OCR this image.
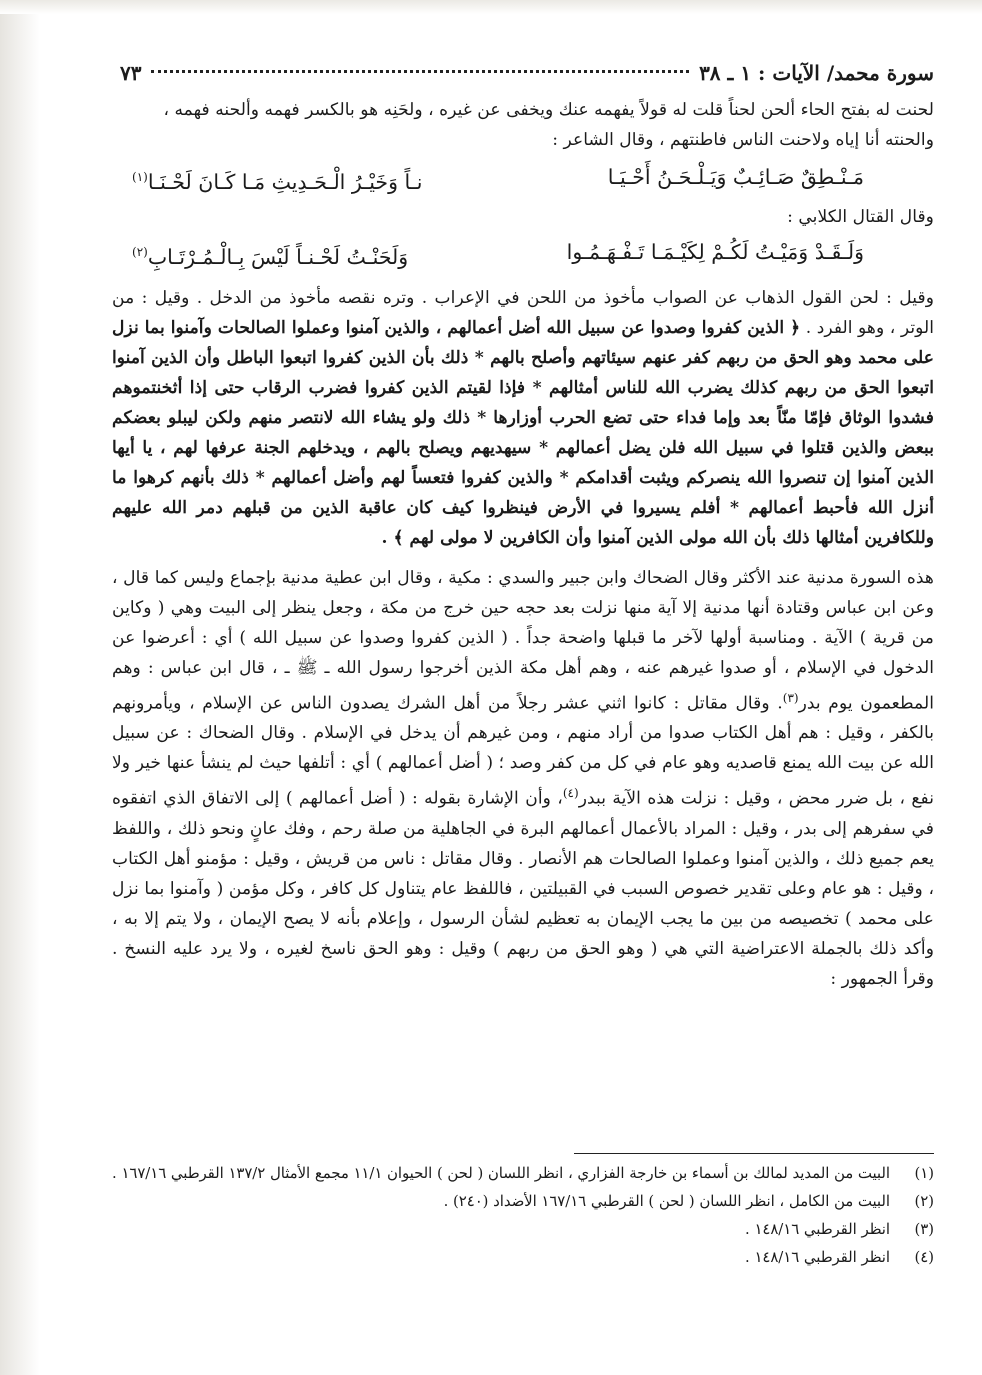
سورة محمد/ الآيات : ١ ـ ٣٨
٧٣

لحنت له بفتح الحاء ألحن لحناً قلت له قولاً يفهمه عنك ويخفى عن غيره ، ولحَنِه هو بالكسر فهمه وألحنه فهمه ،

والحنته أنا إياه ولاحنت الناس فاطنتهم ، وقال الشاعر :

مَـنْـطِقٌ صَـائِـبٌ وَيَـلْـحَـنُ أَحْـيَـا
نـاً وَخَيْـرُ الْـحَـدِيثِ مَـا كَـانَ لَحْـنَـا$^{(١)}$

وقال القتال الكلابي :

وَلَـقَـدْ وَمَيْـتُ لَكُـمْ لِكَيْـمَـا تَـفْـهَـمُـوا
وَلَحَنْـتُ لَحْـنـاً لَيْسَ بِـالْـمُـرْتَـابِ$^{(٢)}$

وقيل : لحن القول الذهاب عن الصواب مأخوذ من اللحن في الإعراب . وتره نقصه مأخوذ من الدخل . وقيل : من الوتر ، وهو الفرد . ﴿ الذين كفروا وصدوا عن سبيل الله أضل أعمالهم ، والذين آمنوا وعملوا الصالحات وآمنوا بما نزل على محمد وهو الحق من ربهم كفر عنهم سيئاتهم وأصلح بالهم * ذلك بأن الذين كفروا اتبعوا الباطل وأن الذين آمنوا اتبعوا الحق من ربهم كذلك يضرب الله للناس أمثالهم * فإذا لقيتم الذين كفروا فضرب الرقاب حتى إذا أثخنتموهم فشدوا الوثاق فإمّا منّاً بعد وإما فداء حتى تضع الحرب أوزارها * ذلك ولو يشاء الله لانتصر منهم ولكن ليبلو بعضكم ببعض والذين قتلوا في سبيل الله فلن يضل أعمالهم * سيهديهم ويصلح بالهم ، ويدخلهم الجنة عرفها لهم ، يا أيها الذين آمنوا إن تنصروا الله ينصركم ويثبت أقدامكم * والذين كفروا فتعساً لهم وأضل أعمالهم * ذلك بأنهم كرهوا ما أنزل الله فأحبط أعمالهم * أفلم يسيروا في الأرض فينظروا كيف كان عاقبة الذين من قبلهم دمر الله عليهم وللكافرين أمثالها ذلك بأن الله مولى الذين آمنوا وأن الكافرين لا مولى لهم ﴾ .

هذه السورة مدنية عند الأكثر وقال الضحاك وابن جبير والسدي : مكية ، وقال ابن عطية مدنية بإجماع وليس كما قال ، وعن ابن عباس وقتادة أنها مدنية إلا آية منها نزلت بعد حجه حين خرج من مكة ، وجعل ينظر إلى البيت وهي ( وكاين من قرية ) الآية . ومناسبة أولها لآخر ما قبلها واضحة جداً . ( الذين كفروا وصدوا عن سبيل الله ) أي : أعرضوا عن الدخول في الإسلام ، أو صدوا غيرهم عنه ، وهم أهل مكة الذين أخرجوا رسول الله ـ ﷺ ـ ، قال ابن عباس : وهم المطعمون يوم بدر$^{(٣)}$. وقال مقاتل : كانوا اثني عشر رجلاً من أهل الشرك يصدون الناس عن الإسلام ، ويأمرونهم بالكفر ، وقيل : هم أهل الكتاب صدوا من أراد منهم ، ومن غيرهم أن يدخل في الإسلام . وقال الضحاك : عن سبيل الله عن بيت الله يمنع قاصديه وهو عام في كل من كفر وصد ؛ ( أضل أعمالهم ) أي : أتلفها حيث لم ينشأ عنها خير ولا نفع ، بل ضرر محض ، وقيل : نزلت هذه الآية ببدر$^{(٤)}$، وأن الإشارة بقوله : ( أضل أعمالهم ) إلى الاتفاق الذي اتفقوه في سفرهم إلى بدر ، وقيل : المراد بالأعمال أعمالهم البرة في الجاهلية من صلة رحم ، وفك عانٍ ونحو ذلك ، واللفظ يعم جميع ذلك ، والذين آمنوا وعملوا الصالحات هم الأنصار . وقال مقاتل : ناس من قريش ، وقيل : مؤمنو أهل الكتاب ، وقيل : هو عام وعلى تقدير خصوص السبب في القبيلتين ، فاللفظ عام يتناول كل كافر ، وكل مؤمن ( وآمنوا بما نزل على محمد ) تخصيصه من بين ما يجب الإيمان به تعظيم لشأن الرسول ، وإعلام بأنه لا يصح الإيمان ، ولا يتم إلا به ، وأكد ذلك بالجملة الاعتراضية التي هي ( وهو الحق من ربهم ) وقيل : وهو الحق ناسخ لغيره ، ولا يرد عليه النسخ . وقرأ الجمهور :

(١)
البيت من المديد لمالك بن أسماء بن خارجة الفزاري ، انظر اللسان ( لحن ) الحيوان ١١/١ مجمع الأمثال ١٣٧/٢ القرطبي ١٦٧/١٦ .
(٢)
البيت من الكامل ، انظر اللسان ( لحن ) القرطبي ١٦٧/١٦ الأضداد (٢٤٠) .
(٣)
انظر القرطبي ١٤٨/١٦ .
(٤)
انظر القرطبي ١٤٨/١٦ .
